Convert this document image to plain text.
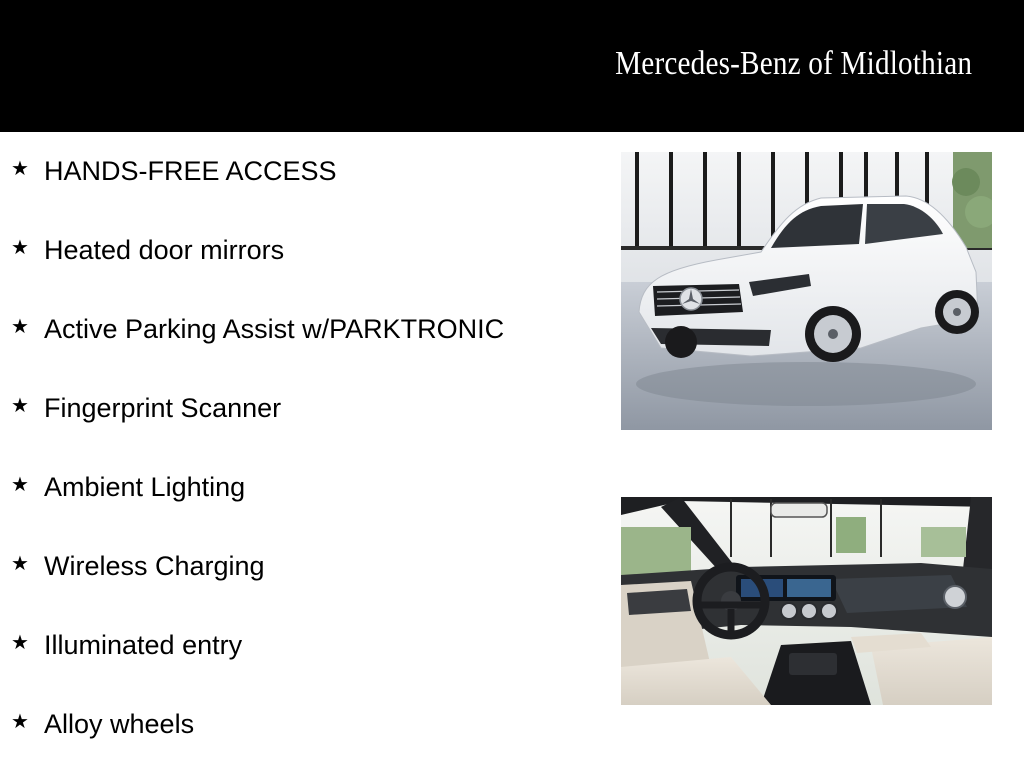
Mercedes-Benz of Midlothian
★ HANDS-FREE ACCESS
★ Heated door mirrors
★ Active Parking Assist w/PARKTRONIC
★ Fingerprint Scanner
★ Ambient Lighting
★ Wireless Charging
★ Illuminated entry
★ Alloy wheels
